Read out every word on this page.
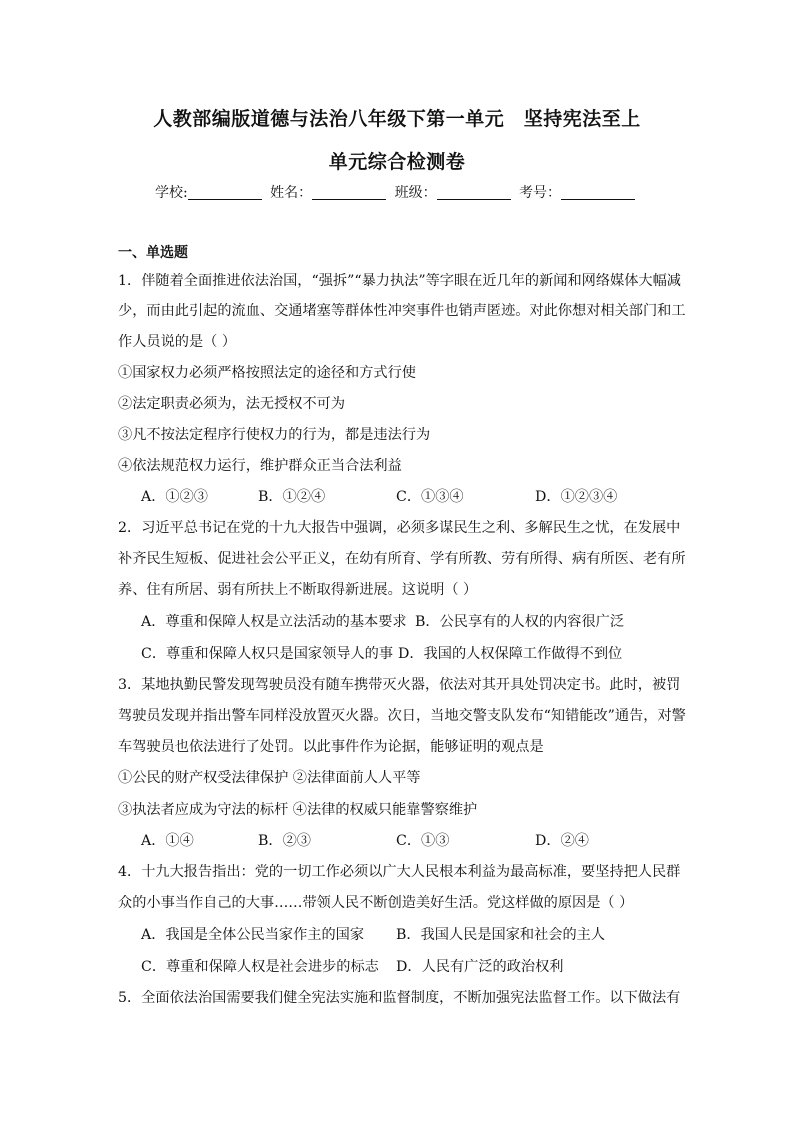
人教部编版道德与法治八年级下第一单元　坚持宪法至上
单元综合检测卷
学校:	姓名：	班级：	考号：
一、单选题
1．伴随着全面推进依法治国，“强拆”“暴力执法”等字眼在近几年的新闻和网络媒体大幅减
少，而由此引起的流血、交通堵塞等群体性冲突事件也销声匿迹。对此你想对相关部门和工
作人员说的是（ ）
①国家权力必须严格按照法定的途径和方式行使
②法定职责必须为，法无授权不可为
③凡不按法定程序行使权力的行为，都是违法行为
④依法规范权力运行，维护群众正当合法利益
A．①②③	B．①②④	C．①③④	D．①②③④
2．习近平总书记在党的十九大报告中强调，必须多谋民生之利、多解民生之忧，在发展中
补齐民生短板、促进社会公平正义，在幼有所育、学有所教、劳有所得、病有所医、老有所
养、住有所居、弱有所扶上不断取得新进展。这说明（ ）
A．尊重和保障人权是立法活动的基本要求 B．公民享有的人权的内容很广泛
C．尊重和保障人权只是国家领导人的事 D．我国的人权保障工作做得不到位
3．某地执勤民警发现驾驶员没有随车携带灭火器，依法对其开具处罚决定书。此时，被罚
驾驶员发现并指出警车同样没放置灭火器。次日，当地交警支队发布“知错能改”通告，对警
车驾驶员也依法进行了处罚。以此事件作为论据，能够证明的观点是
①公民的财产权受法律保护 ②法律面前人人平等
③执法者应成为守法的标杆 ④法律的权威只能靠警察维护
A．①④	B．②③	C．①③	D．②④
4．十九大报告指出：党的一切工作必须以广大人民根本利益为最高标准，要坚持把人民群
众的小事当作自己的大事……带领人民不断创造美好生活。党这样做的原因是（ ）
A．我国是全体公民当家作主的国家 B．我国人民是国家和社会的主人
C．尊重和保障人权是社会进步的标志 D．人民有广泛的政治权利
5．全面依法治国需要我们健全宪法实施和监督制度，不断加强宪法监督工作。以下做法有
